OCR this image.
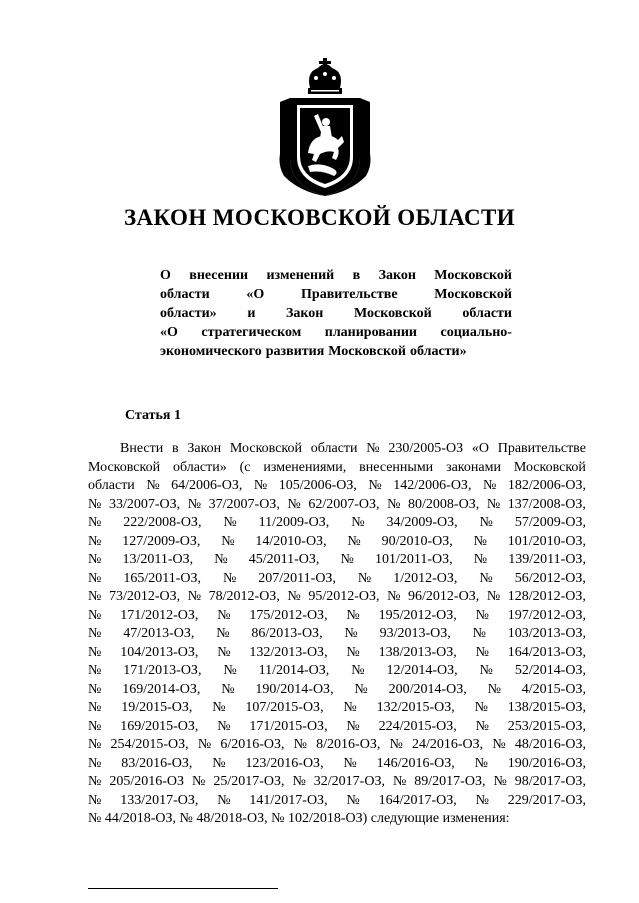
ЗАКОН МОСКОВСКОЙ ОБЛАСТИ
О внесении изменений в Закон Московской
области	«О	Правительстве	Московской
области» и Закон Московской области
«О стратегическом планировании социально-
экономического развития Московской области»
Статья 1
Внести в Закон Московской области № 230/2005-ОЗ «О Правительстве
Московской области» (с изменениями, внесенными законами Московской
области № 64/2006-ОЗ, № 105/2006-ОЗ, № 142/2006-ОЗ, № 182/2006-ОЗ,
№ 33/2007-ОЗ, № 37/2007-ОЗ, № 62/2007-ОЗ, № 80/2008-ОЗ, № 137/2008-ОЗ,
№ 222/2008-ОЗ, № 11/2009-ОЗ, № 34/2009-ОЗ, № 57/2009-ОЗ,
№ 127/2009-ОЗ, № 14/2010-ОЗ, № 90/2010-ОЗ, № 101/2010-ОЗ,
№ 13/2011-ОЗ, № 45/2011-ОЗ, № 101/2011-ОЗ, № 139/2011-ОЗ,
№ 165/2011-ОЗ, № 207/2011-ОЗ, № 1/2012-ОЗ, № 56/2012-ОЗ,
№ 73/2012-ОЗ, № 78/2012-ОЗ, № 95/2012-ОЗ, № 96/2012-ОЗ, № 128/2012-ОЗ,
№ 171/2012-ОЗ, № 175/2012-ОЗ, № 195/2012-ОЗ, № 197/2012-ОЗ,
№ 47/2013-ОЗ, № 86/2013-ОЗ, № 93/2013-ОЗ, № 103/2013-ОЗ,
№ 104/2013-ОЗ, № 132/2013-ОЗ, № 138/2013-ОЗ, № 164/2013-ОЗ,
№ 171/2013-ОЗ, № 11/2014-ОЗ, № 12/2014-ОЗ, № 52/2014-ОЗ,
№ 169/2014-ОЗ, № 190/2014-ОЗ, № 200/2014-ОЗ, № 4/2015-ОЗ,
№ 19/2015-ОЗ, № 107/2015-ОЗ, № 132/2015-ОЗ, № 138/2015-ОЗ,
№ 169/2015-ОЗ, № 171/2015-ОЗ, № 224/2015-ОЗ, № 253/2015-ОЗ,
№ 254/2015-ОЗ, № 6/2016-ОЗ, № 8/2016-ОЗ, № 24/2016-ОЗ, № 48/2016-ОЗ,
№ 83/2016-ОЗ, № 123/2016-ОЗ, № 146/2016-ОЗ, № 190/2016-ОЗ,
№ 205/2016-ОЗ № 25/2017-ОЗ, № 32/2017-ОЗ, № 89/2017-ОЗ, № 98/2017-ОЗ,
№ 133/2017-ОЗ, № 141/2017-ОЗ, № 164/2017-ОЗ, № 229/2017-ОЗ,
№ 44/2018-ОЗ, № 48/2018-ОЗ, № 102/2018-ОЗ) следующие изменения:
